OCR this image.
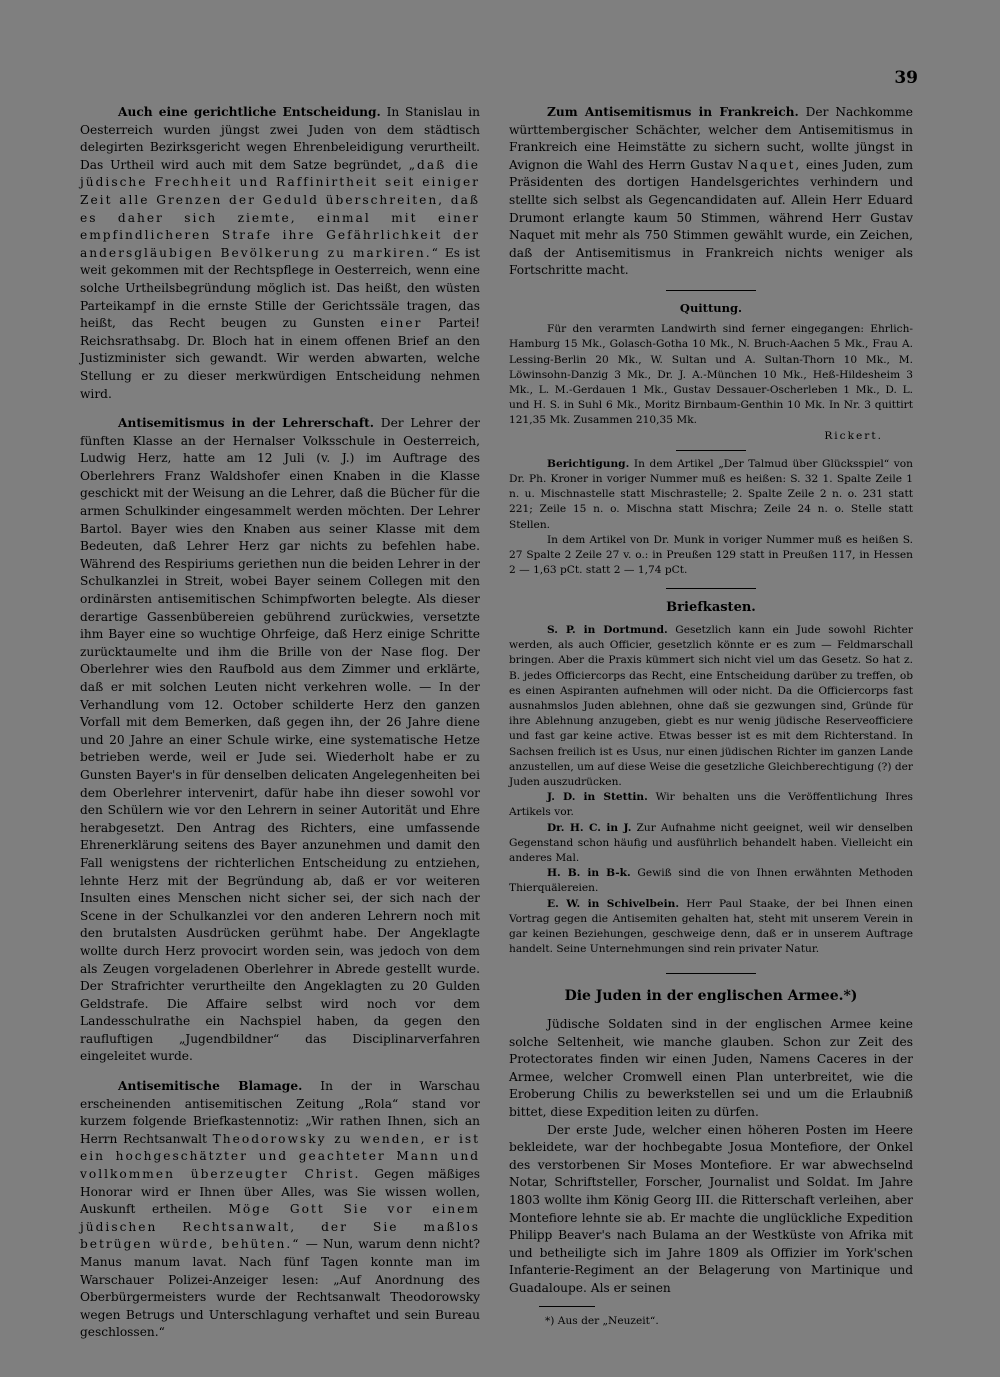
39

Auch eine gerichtliche Entscheidung. In Stanislau in Oesterreich wurden jüngst zwei Juden von dem städtisch delegirten Bezirksgericht wegen Ehrenbeleidigung verurtheilt. Das Urtheil wird auch mit dem Satze begründet, „daß die jüdische Frechheit und Raffinirtheit seit einiger Zeit alle Grenzen der Geduld überschreiten, daß es daher sich ziemte, einmal mit einer empfindlicheren Strafe ihre Gefährlichkeit der andersgläubigen Bevölkerung zu markiren.“ Es ist weit gekommen mit der Rechtspflege in Oesterreich, wenn eine solche Urtheilsbegründung möglich ist. Das heißt, den wüsten Parteikampf in die ernste Stille der Gerichtssäle tragen, das heißt, das Recht beugen zu Gunsten einer Partei! Reichsrathsabg. Dr. Bloch hat in einem offenen Brief an den Justizminister sich gewandt. Wir werden abwarten, welche Stellung er zu dieser merkwürdigen Entscheidung nehmen wird.

Antisemitismus in der Lehrerschaft. Der Lehrer der fünften Klasse an der Hernalser Volksschule in Oesterreich, Ludwig Herz, hatte am 12 Juli (v. J.) im Auftrage des Oberlehrers Franz Waldshofer einen Knaben in die Klasse geschickt mit der Weisung an die Lehrer, daß die Bücher für die armen Schulkinder eingesammelt werden möchten. Der Lehrer Bartol. Bayer wies den Knaben aus seiner Klasse mit dem Bedeuten, daß Lehrer Herz gar nichts zu befehlen habe. Während des Respiriums geriethen nun die beiden Lehrer in der Schulkanzlei in Streit, wobei Bayer seinem Collegen mit den ordinärsten antisemitischen Schimpfworten belegte. Als dieser derartige Gassenbübereien gebührend zurückwies, versetzte ihm Bayer eine so wuchtige Ohrfeige, daß Herz einige Schritte zurücktaumelte und ihm die Brille von der Nase flog. Der Oberlehrer wies den Raufbold aus dem Zimmer und erklärte, daß er mit solchen Leuten nicht verkehren wolle. — In der Verhandlung vom 12. October schilderte Herz den ganzen Vorfall mit dem Bemerken, daß gegen ihn, der 26 Jahre diene und 20 Jahre an einer Schule wirke, eine systematische Hetze betrieben werde, weil er Jude sei. Wiederholt habe er zu Gunsten Bayer's in für denselben delicaten Angelegenheiten bei dem Oberlehrer intervenirt, dafür habe ihn dieser sowohl vor den Schülern wie vor den Lehrern in seiner Autorität und Ehre herabgesetzt. Den Antrag des Richters, eine umfassende Ehrenerklärung seitens des Bayer anzunehmen und damit den Fall wenigstens der richterlichen Entscheidung zu entziehen, lehnte Herz mit der Begründung ab, daß er vor weiteren Insulten eines Menschen nicht sicher sei, der sich nach der Scene in der Schulkanzlei vor den anderen Lehrern noch mit den brutalsten Ausdrücken gerühmt habe. Der Angeklagte wollte durch Herz provocirt worden sein, was jedoch von dem als Zeugen vorgeladenen Oberlehrer in Abrede gestellt wurde. Der Strafrichter verurtheilte den Angeklagten zu 20 Gulden Geldstrafe. Die Affaire selbst wird noch vor dem Landesschulrathe ein Nachspiel haben, da gegen den raufluftigen „Jugendbildner“ das Disciplinarverfahren eingeleitet wurde.

Antisemitische Blamage. In der in Warschau erscheinenden antisemitischen Zeitung „Rola“ stand vor kurzem folgende Briefkastennotiz: „Wir rathen Ihnen, sich an Herrn Rechtsanwalt Theodorowsky zu wenden, er ist ein hochgeschätzter und geachteter Mann und vollkommen überzeugter Christ. Gegen mäßiges Honorar wird er Ihnen über Alles, was Sie wissen wollen, Auskunft ertheilen. Möge Gott Sie vor einem jüdischen Rechtsanwalt, der Sie maßlos betrügen würde, behüten.“ — Nun, warum denn nicht? Manus manum lavat. Nach fünf Tagen konnte man im Warschauer Polizei-Anzeiger lesen: „Auf Anordnung des Oberbürgermeisters wurde der Rechtsanwalt Theodorowsky wegen Betrugs und Unterschlagung verhaftet und sein Bureau geschlossen.“

Zum Antisemitismus in Frankreich. Der Nachkomme württembergischer Schächter, welcher dem Antisemitismus in Frankreich eine Heimstätte zu sichern sucht, wollte jüngst in Avignon die Wahl des Herrn Gustav Naquet, eines Juden, zum Präsidenten des dortigen Handelsgerichtes verhindern und stellte sich selbst als Gegencandidaten auf. Allein Herr Eduard Drumont erlangte kaum 50 Stimmen, während Herr Gustav Naquet mit mehr als 750 Stimmen gewählt wurde, ein Zeichen, daß der Antisemitismus in Frankreich nichts weniger als Fortschritte macht.

Quittung.

Für den verarmten Landwirth sind ferner eingegangen: Ehrlich-Hamburg 15 Mk., Golasch-Gotha 10 Mk., N. Bruch-Aachen 5 Mk., Frau A. Lessing-Berlin 20 Mk., W. Sultan und A. Sultan-Thorn 10 Mk., M. Löwinsohn-Danzig 3 Mk., Dr. J. A.-München 10 Mk., Heß-Hildesheim 3 Mk., L. M.-Gerdauen 1 Mk., Gustav Dessauer-Oscherleben 1 Mk., D. L. und H. S. in Suhl 6 Mk., Moritz Birnbaum-Genthin 10 Mk. In Nr. 3 quittirt 121,35 Mk. Zusammen 210,35 Mk.

Rickert.

Berichtigung. In dem Artikel „Der Talmud über Glücksspiel“ von Dr. Ph. Kroner in voriger Nummer muß es heißen: S. 32 1. Spalte Zeile 1 n. u. Mischnastelle statt Mischrastelle; 2. Spalte Zeile 2 n. o. 231 statt 221; Zeile 15 n. o. Mischna statt Mischra; Zeile 24 n. o. Stelle statt Stellen.

In dem Artikel von Dr. Munk in voriger Nummer muß es heißen S. 27 Spalte 2 Zeile 27 v. o.: in Preußen 129 statt in Preußen 117, in Hessen 2 — 1,63 pCt. statt 2 — 1,74 pCt.

Briefkasten.

S. P. in Dortmund. Gesetzlich kann ein Jude sowohl Richter werden, als auch Officier, gesetzlich könnte er es zum — Feldmarschall bringen. Aber die Praxis kümmert sich nicht viel um das Gesetz. So hat z. B. jedes Officiercorps das Recht, eine Entscheidung darüber zu treffen, ob es einen Aspiranten aufnehmen will oder nicht. Da die Officiercorps fast ausnahmslos Juden ablehnen, ohne daß sie gezwungen sind, Gründe für ihre Ablehnung anzugeben, giebt es nur wenig jüdische Reserveofficiere und fast gar keine active. Etwas besser ist es mit dem Richterstand. In Sachsen freilich ist es Usus, nur einen jüdischen Richter im ganzen Lande anzustellen, um auf diese Weise die gesetzliche Gleichberechtigung (?) der Juden auszudrücken.

J. D. in Stettin. Wir behalten uns die Veröffentlichung Ihres Artikels vor.

Dr. H. C. in J. Zur Aufnahme nicht geeignet, weil wir denselben Gegenstand schon häufig und ausführlich behandelt haben. Vielleicht ein anderes Mal.

H. B. in B-k. Gewiß sind die von Ihnen erwähnten Methoden Thierquälereien.

E. W. in Schivelbein. Herr Paul Staake, der bei Ihnen einen Vortrag gegen die Antisemiten gehalten hat, steht mit unserem Verein in gar keinen Beziehungen, geschweige denn, daß er in unserem Auftrage handelt. Seine Unternehmungen sind rein privater Natur.

Die Juden in der englischen Armee.*)

Jüdische Soldaten sind in der englischen Armee keine solche Seltenheit, wie manche glauben. Schon zur Zeit des Protectorates finden wir einen Juden, Namens Caceres in der Armee, welcher Cromwell einen Plan unterbreitet, wie die Eroberung Chilis zu bewerkstellen sei und um die Erlaubniß bittet, diese Expedition leiten zu dürfen.

Der erste Jude, welcher einen höheren Posten im Heere bekleidete, war der hochbegabte Josua Montefiore, der Onkel des verstorbenen Sir Moses Montefiore. Er war abwechselnd Notar, Schriftsteller, Forscher, Journalist und Soldat. Im Jahre 1803 wollte ihm König Georg III. die Ritterschaft verleihen, aber Montefiore lehnte sie ab. Er machte die unglückliche Expedition Philipp Beaver's nach Bulama an der Westküste von Afrika mit und betheiligte sich im Jahre 1809 als Offizier im York'schen Infanterie-Regiment an der Belagerung von Martinique und Guadaloupe. Als er seinen

*) Aus der „Neuzeit“.
